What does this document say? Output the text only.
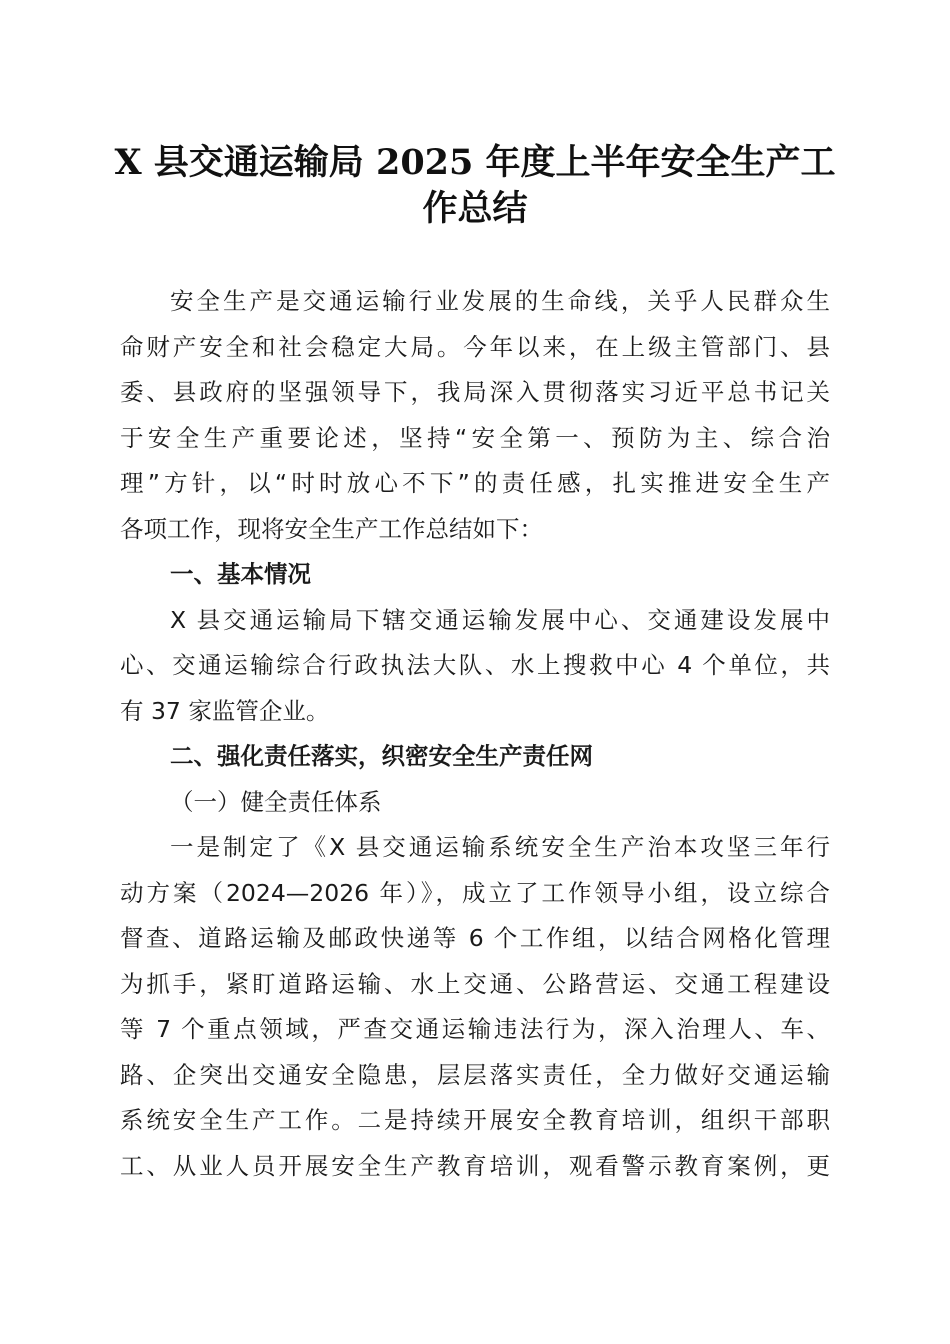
X 县交通运输局 2025 年度上半年安全生产工
作总结
安全生产是交通运输行业发展的生命线，关乎人民群众生
命财产安全和社会稳定大局。今年以来，在上级主管部门、县
委、县政府的坚强领导下，我局深入贯彻落实习近平总书记关
于安全生产重要论述，坚持“安全第一、预防为主、综合治
理”方针，以“时时放心不下”的责任感，扎实推进安全生产
各项工作，现将安全生产工作总结如下：
一、基本情况
X 县交通运输局下辖交通运输发展中心、交通建设发展中
心、交通运输综合行政执法大队、水上搜救中心 4 个单位，共
有 37 家监管企业。
二、强化责任落实，织密安全生产责任网
（一）健全责任体系
一是制定了《X 县交通运输系统安全生产治本攻坚三年行
动方案（2024—2026 年）》，成立了工作领导小组，设立综合
督查、道路运输及邮政快递等 6 个工作组，以结合网格化管理
为抓手，紧盯道路运输、水上交通、公路营运、交通工程建设
等 7 个重点领域，严查交通运输违法行为，深入治理人、车、
路、企突出交通安全隐患，层层落实责任，全力做好交通运输
系统安全生产工作。二是持续开展安全教育培训，组织干部职
工、从业人员开展安全生产教育培训，观看警示教育案例，更
